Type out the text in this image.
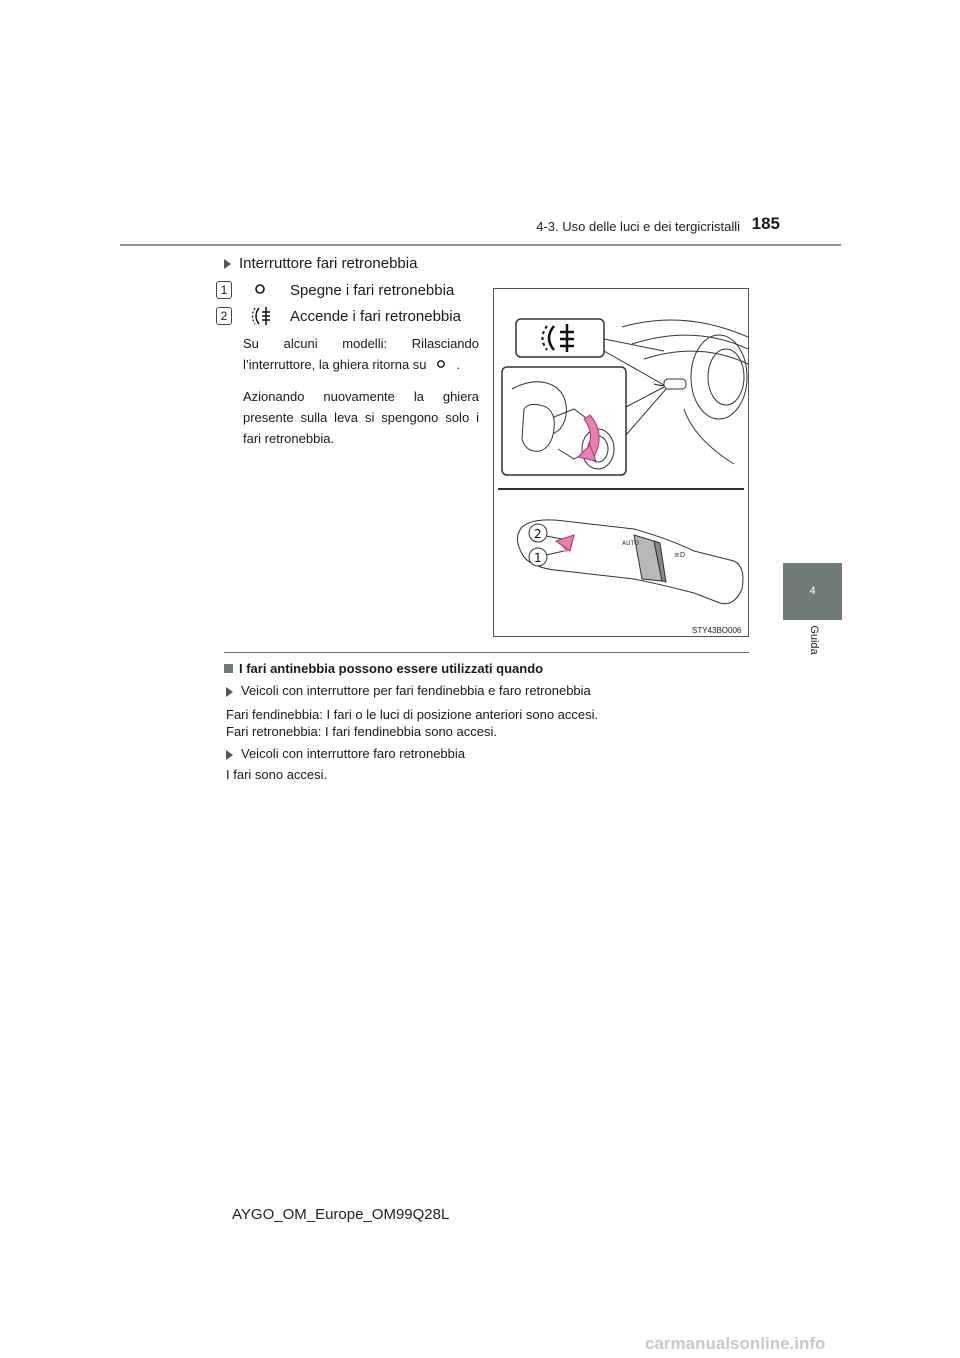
4-3. Uso delle luci e dei tergicristalli 185
4
Guida
Interruttore fari retronebbia
1	Spegne i fari retronebbia
2	Accende i fari retronebbia
Su alcuni modelli: Rilasciando
l’interruttore, la ghiera ritorna su .
Azionando nuovamente la ghiera
presente sulla leva si spengono solo i
fari retronebbia.
AUTO
≡D
2
1
STY43BO006
I fari antinebbia possono essere utilizzati quando
Veicoli con interruttore per fari fendinebbia e faro retronebbia
Fari fendinebbia: I fari o le luci di posizione anteriori sono accesi.
Fari retronebbia: I fari fendinebbia sono accesi.
Veicoli con interruttore faro retronebbia
I fari sono accesi.
AYGO_OM_Europe_OM99Q28L
carmanualsonline.info
